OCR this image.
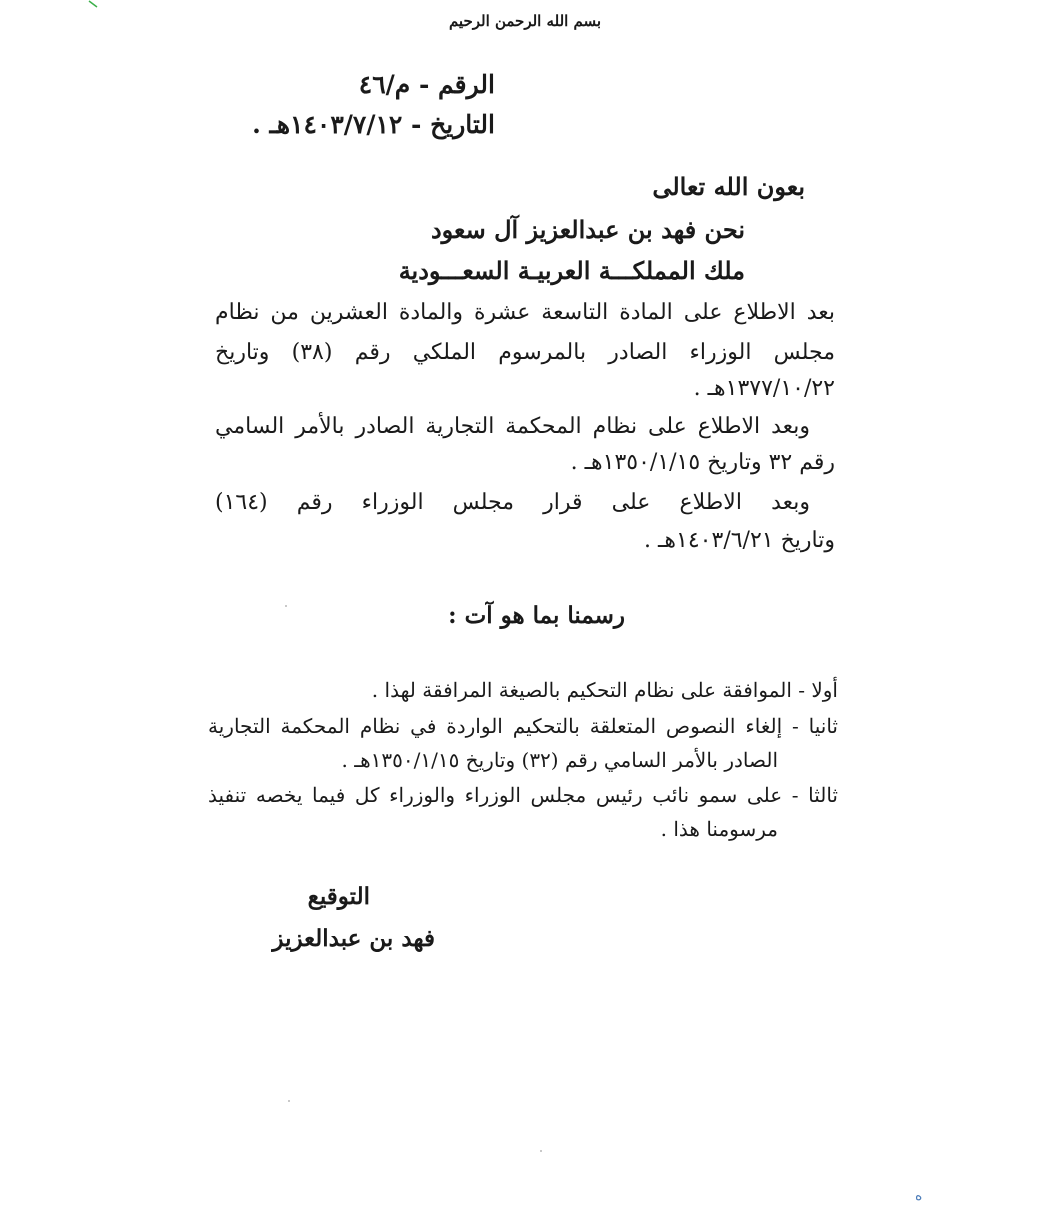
بسم الله الرحمن الرحيم
الرقم - م/٤٦
التاريخ - ١٤٠٣/٧/١٢هـ .
بعون الله تعالى
نحن فهد بن عبدالعزيز آل سعود
ملك المملكـــة العربيـة السعـــودية
بعد الاطلاع على المادة التاسعة عشرة والمادة العشرين من نظام
مجلس الوزراء الصادر بالمرسوم الملكي رقم (٣٨) وتاريخ
١٣٧٧/١٠/٢٢هـ .
وبعد الاطلاع على نظام المحكمة التجارية الصادر بالأمر السامي
رقم ٣٢ وتاريخ ١٣٥٠/١/١٥هـ .
وبعد الاطلاع على قرار مجلس الوزراء رقم (١٦٤)
وتاريخ ١٤٠٣/٦/٢١هـ .
رسمنا بما هو آت :
أولا - الموافقة على نظام التحكيم بالصيغة المرافقة لهذا .
ثانيا - إلغاء النصوص المتعلقة بالتحكيم الواردة في نظام المحكمة التجارية
الصادر بالأمر السامي رقم (٣٢) وتاريخ ١٣٥٠/١/١٥هـ .
ثالثا - على سمو نائب رئيس مجلس الوزراء والوزراء كل فيما يخصه تنفيذ
مرسومنا هذا .
التوقيع
فهد بن عبدالعزيز
ه
